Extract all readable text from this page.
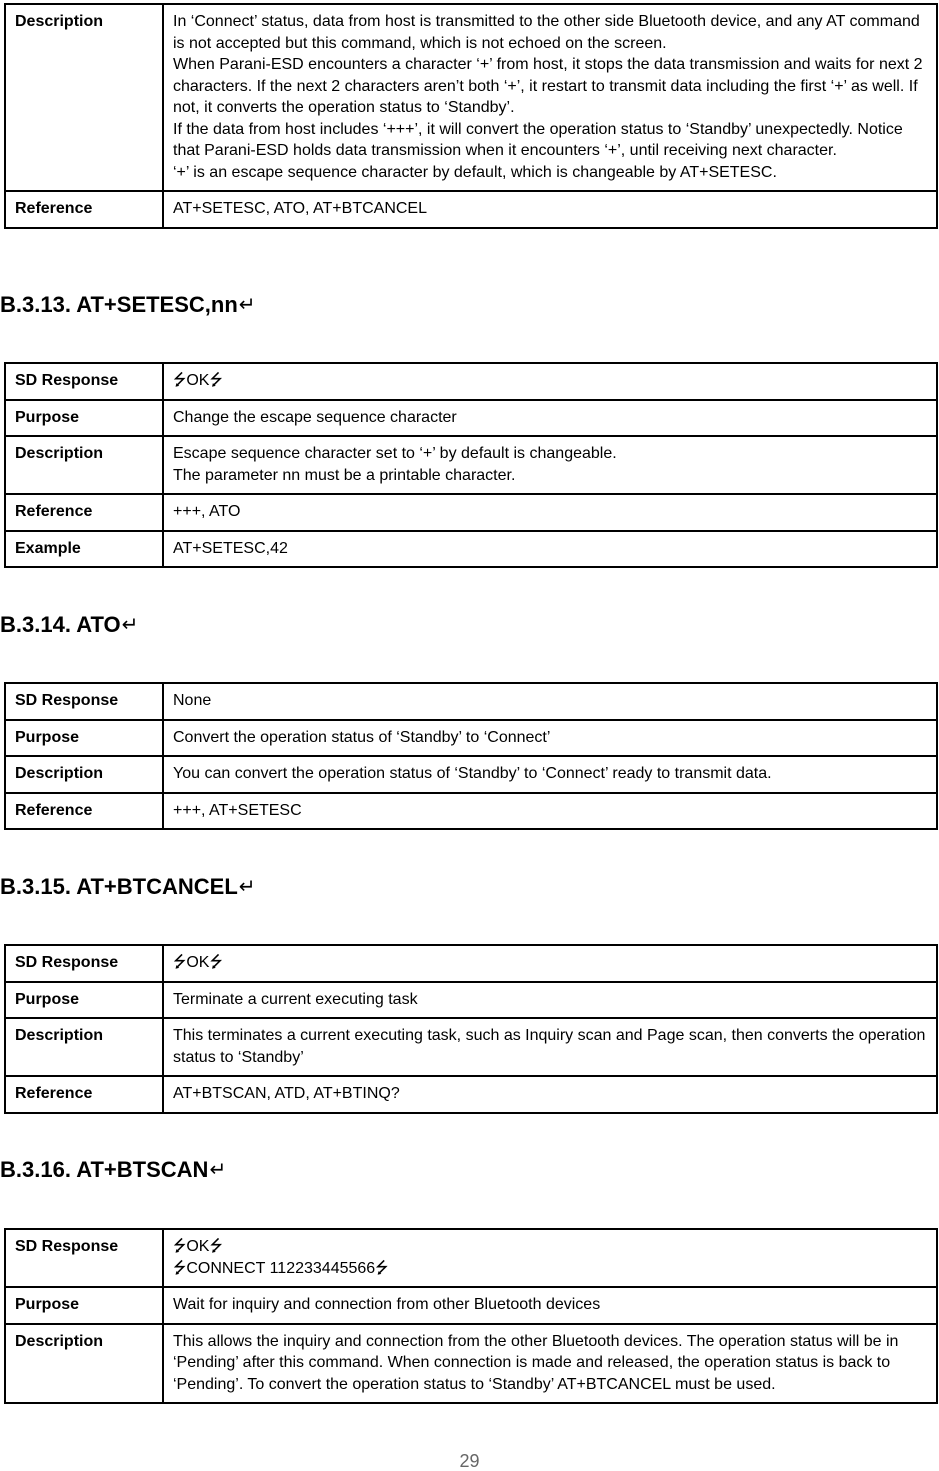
Description	In ‘Connect’ status, data from host is transmitted to the other side Bluetooth device, and any AT command is not accepted but this command, which is not echoed on the screen.
When Parani-ESD encounters a character ‘+’ from host, it stops the data transmission and waits for next 2 characters. If the next 2 characters aren’t both ‘+’, it restart to transmit data including the first ‘+’ as well. If not, it converts the operation status to ‘Standby’.
If the data from host includes ‘+++’, it will convert the operation status to ‘Standby’ unexpectedly. Notice that Parani-ESD holds data transmission when it encounters ‘+’, until receiving next character.
‘+’ is an escape sequence character by default, which is changeable by AT+SETESC.
Reference	AT+SETESC, ATO, AT+BTCANCEL
B.3.13. AT+SETESC,nn↵
SD Response	⭍OK⭍
Purpose	Change the escape sequence character
Description	Escape sequence character set to ‘+’ by default is changeable.
The parameter nn must be a printable character.
Reference	+++, ATO
Example	AT+SETESC,42
B.3.14. ATO↵
SD Response	None
Purpose	Convert the operation status of ‘Standby’ to ‘Connect’
Description	You can convert the operation status of ‘Standby’ to ‘Connect’ ready to transmit data.
Reference	+++, AT+SETESC
B.3.15. AT+BTCANCEL↵
SD Response	⭍OK⭍
Purpose	Terminate a current executing task
Description	This terminates a current executing task, such as Inquiry scan and Page scan, then converts the operation status to ‘Standby’
Reference	AT+BTSCAN, ATD, AT+BTINQ?
B.3.16. AT+BTSCAN↵
SD Response	⭍OK⭍
⭍CONNECT 112233445566⭍
Purpose	Wait for inquiry and connection from other Bluetooth devices
Description	This allows the inquiry and connection from the other Bluetooth devices. The operation status will be in ‘Pending’ after this command. When connection is made and released, the operation status is back to ‘Pending’. To convert the operation status to ‘Standby’ AT+BTCANCEL must be used.
29
